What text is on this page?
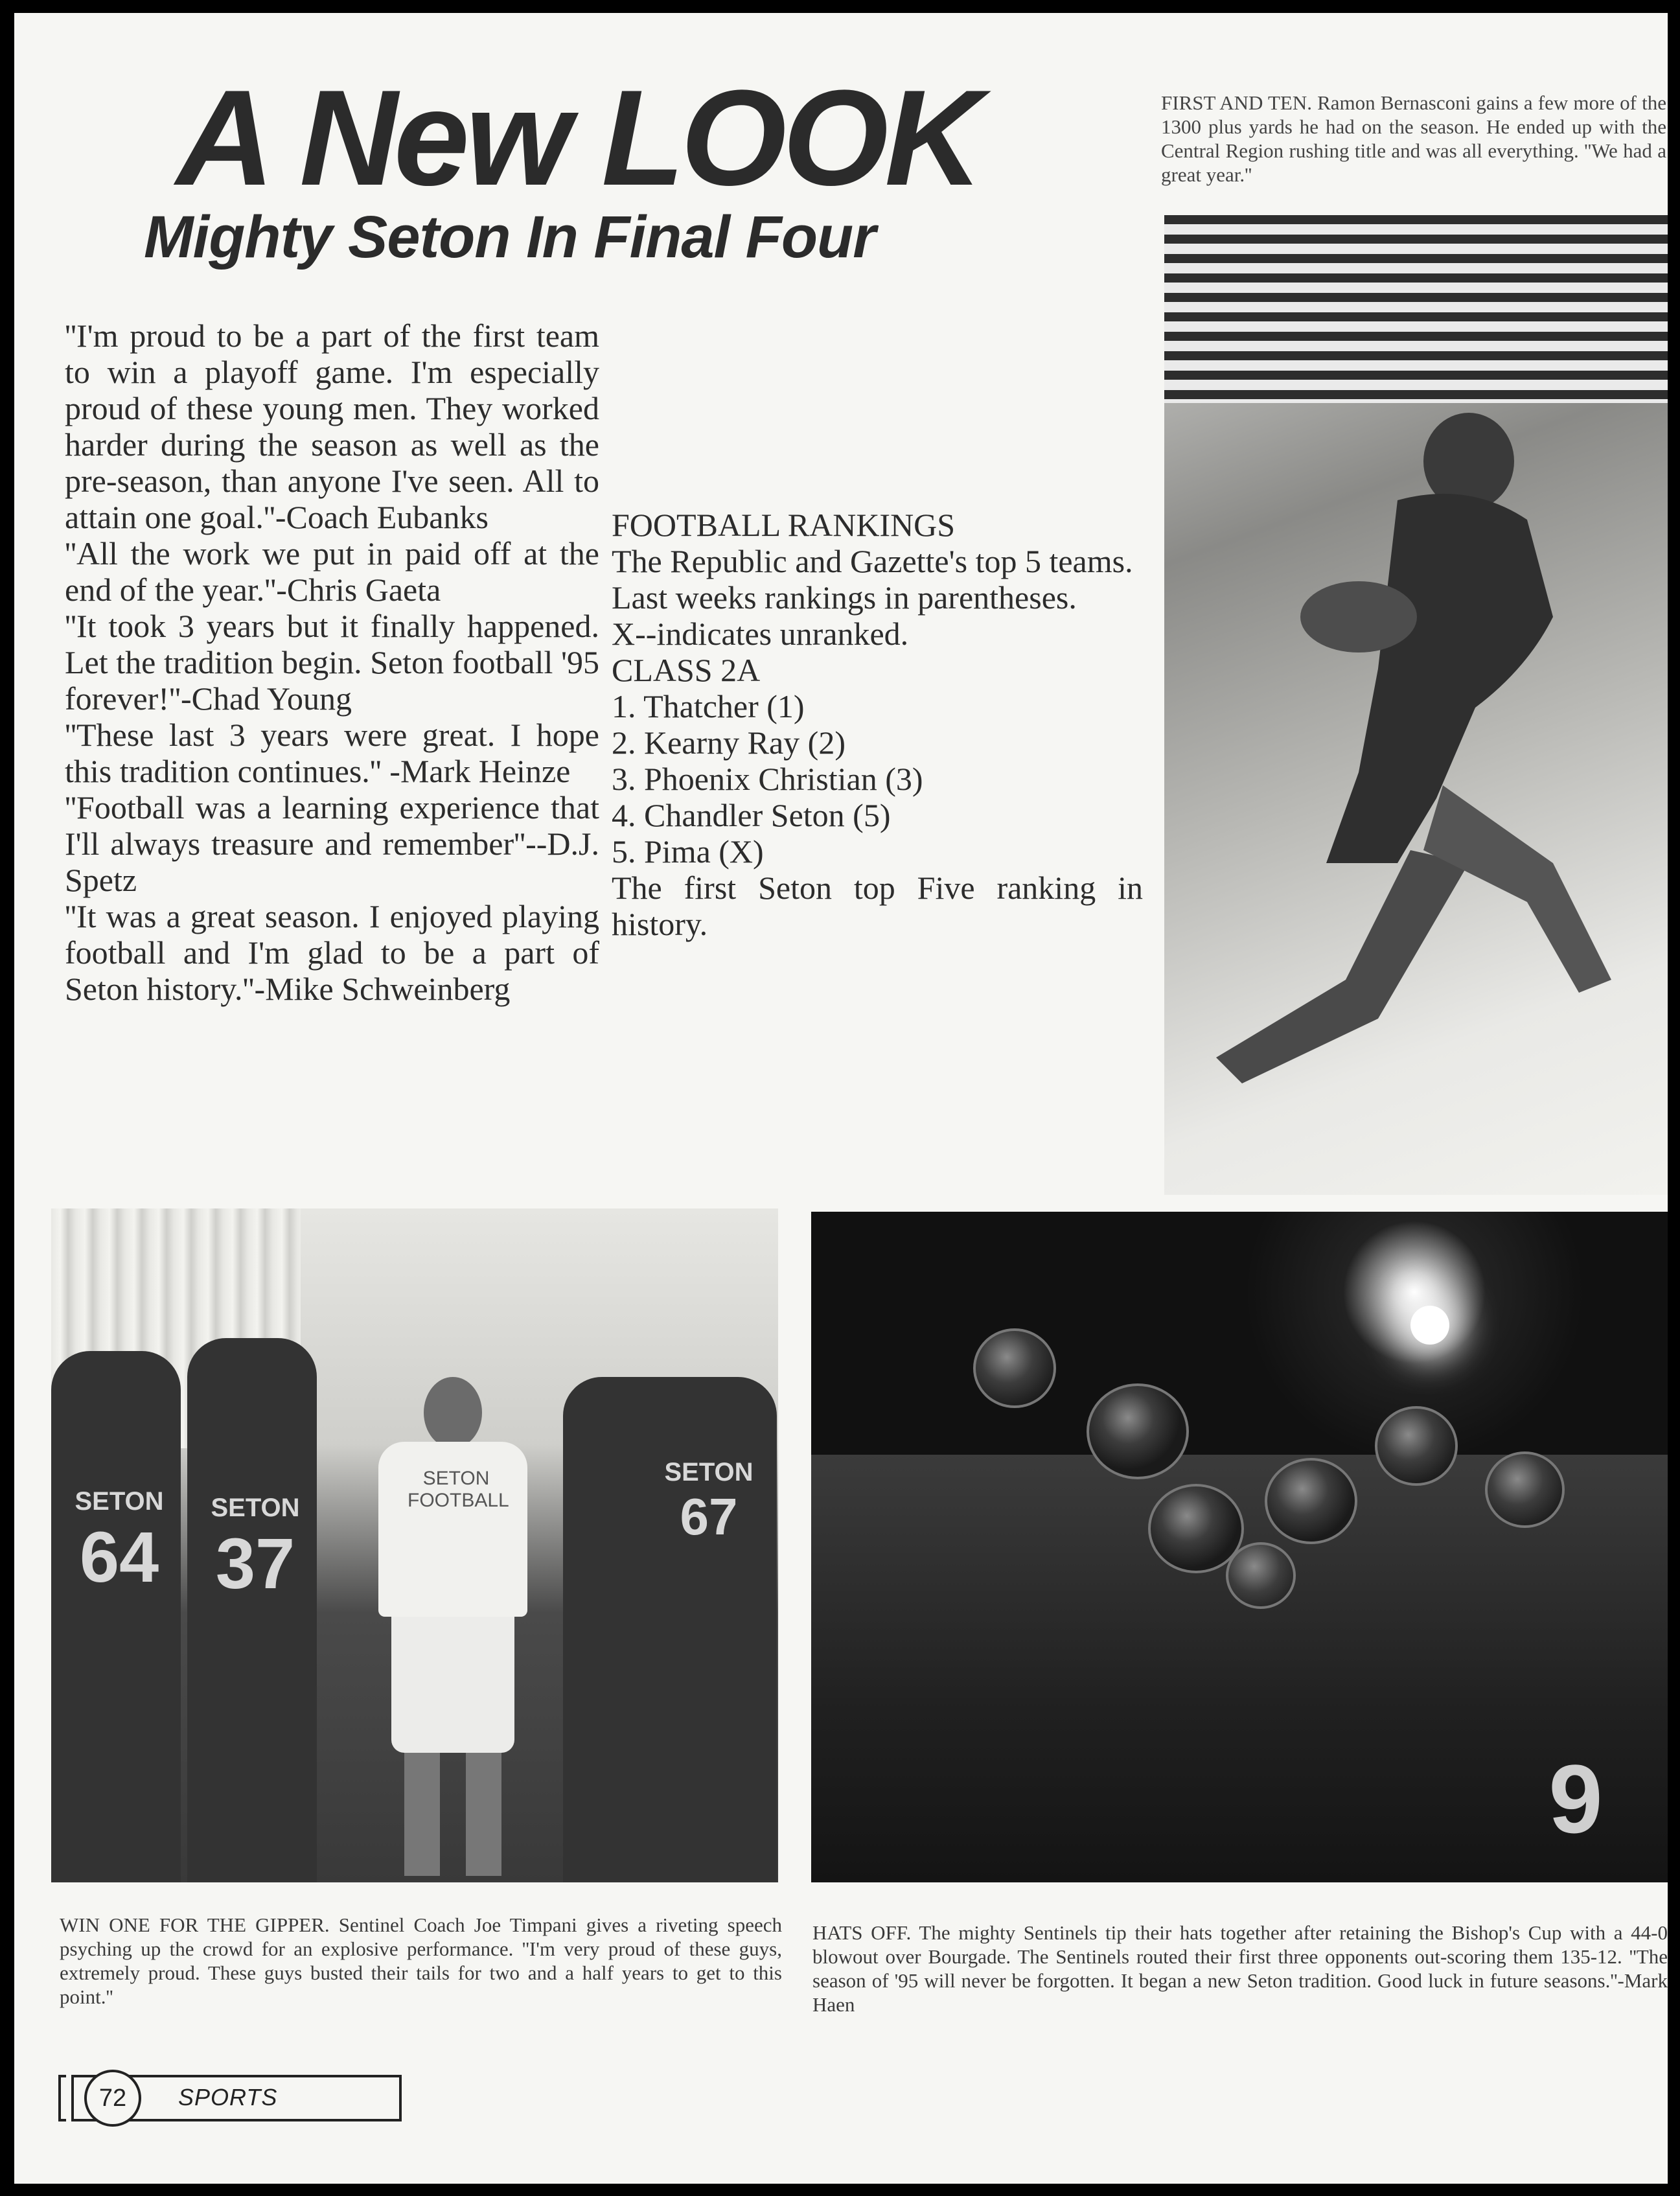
A New LOOK
Mighty Seton In Final Four
FIRST AND TEN. Ramon Bernasconi gains a few more of the 1300 plus yards he had on the season. He ended up with the Central Region rushing title and was all everything. ''We had a great year.''

''I'm proud to be a part of the first team to win a playoff game. I'm especially proud of these young men. They worked harder during the season as well as the pre-season, than anyone I've seen. All to attain one goal.''-Coach Eubanks

''All the work we put in paid off at the end of the year.''-Chris Gaeta

''It took 3 years but it finally happened. Let the tradition begin. Seton football '95 forever!''-Chad Young

''These last 3 years were great. I hope this tradition continues.'' -Mark Heinze

''Football was a learning experience that I'll always treasure and remember''--D.J. Spetz

''It was a great season. I enjoyed playing football and I'm glad to be a part of Seton history.''-Mike Schweinberg

FOOTBALL RANKINGS
The Republic and Gazette's top 5 teams.
Last weeks rankings in parentheses.
X--indicates unranked.
CLASS 2A
1. Thatcher (1)
2. Kearny Ray (2)
3. Phoenix Christian (3)
4. Chandler Seton (5)
5. Pima (X)
The first Seton top Five ranking in history.
SETON
64
SETON
37
SETON
67
SETON FOOTBALL
9
WIN ONE FOR THE GIPPER. Sentinel Coach Joe Timpani gives a riveting speech psyching up the crowd for an explosive performance. ''I'm very proud of these guys, extremely proud. These guys busted their tails for two and a half years to get to this point.''
HATS OFF. The mighty Sentinels tip their hats together after retaining the Bishop's Cup with a 44-0 blowout over Bourgade. The Sentinels routed their first three opponents out-scoring them 135-12. ''The season of '95 will never be forgotten. It began a new Seton tradition. Good luck in future seasons.''-Mark Haen
72	SPORTS
